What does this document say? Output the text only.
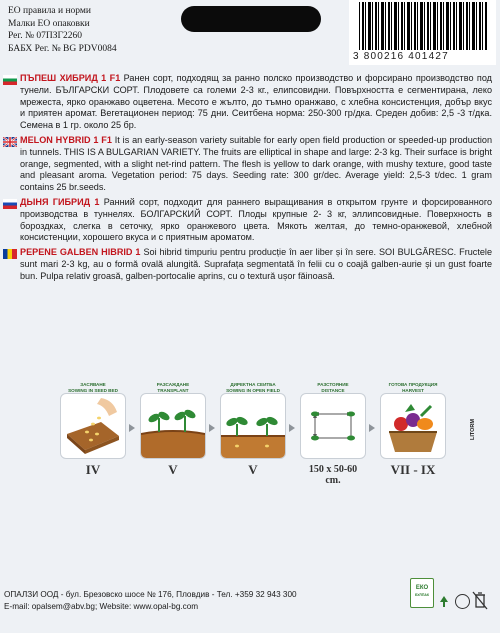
ЕО правила и норми
Малки ЕО опаковки
Рег. № 07ПЗГ2260
БАБХ Рег. № BG PDV0084
3 800216 401427
ПЪПЕШ ХИБРИД 1 F1 Ранен сорт, подходящ за ранно полско производство и форсирано производство под тунели. БЪЛГАРСКИ СОРТ. Плодовете са големи 2-3 кг., елипсовидни. Повърхността е сегментирана, леко мрежеста, ярко оранжаво оцветена. Месото е жълто, до тъмно оранжаво, с хлебна консистенция, добър вкус и приятен аромат. Вегетационен период: 75 дни. Сеитбена норма: 250-300 гр/дка. Среден добив: 2,5 -3 т/дка. Семена в 1 гр. около 25 бр.
MELON HYBRID 1 F1 It is an early-season variety suitable for early open field production or speeded-up production in tunnels. THIS IS A BULGARIAN VARIETY. The fruits are elliptical in shape and large: 2-3 kg. Their surface is bright orange, segmented, with a slight net-rind pattern. The flesh is yellow to dark orange, with mushy texture, good taste and pleasant aroma. Vegetation period: 75 days. Seeding rate: 300 gr/dec. Average yield: 2,5-3 t/dec. 1 gram contains 25 br.seeds.
ДЫНЯ ГИБРИД 1 Ранний сорт, подходит для раннего выращивания в открытом грунте и форсированного производства в туннелях. БОЛГАРСКИЙ СОРТ. Плоды крупные 2- 3 кг, эллипсовидные. Поверхность в бороздках, слегка в сеточку, ярко оранжевого цвета. Мякоть желтая, до темно-оранжевой, хлебной консистенции, хорошего вкуса и с приятным ароматом.
PEPENE GALBEN HIBRID 1 Soi hibrid timpuriu pentru producție în aer liber și în sere. SOI BULGĂRESC. Fructele sunt mari 2-3 kg, au o formă ovală alungită. Suprafața segmentată în felii cu o coajă galben-aurie și un gust foarte bun. Pulpa relativ groasă, galben-portocalie aprins, cu o textură ușor făinoasă.
ЗАСЯВАНЕ
SOWING IN SEED BED
IV
РАЗСАЖДАНЕ
TRANSPLANT
V
ДИРЕКТНА СЕИТБА
SOWING IN OPEN FIELD
V
РАЗСТОЯНИЕ
DISTANCE
150 x 50-60 cm.
ГОТОВА ПРОДУКЦИЯ
HARVEST
VII - IX
LITORM
ОПАЛЗИ ООД - бул. Брезовско шосе № 176, Пловдив - Тел. +359 32 943 300
E-mail: opalsem@abv.bg; Website: www.opal-bg.com
ЕКО
БУЛПАК
